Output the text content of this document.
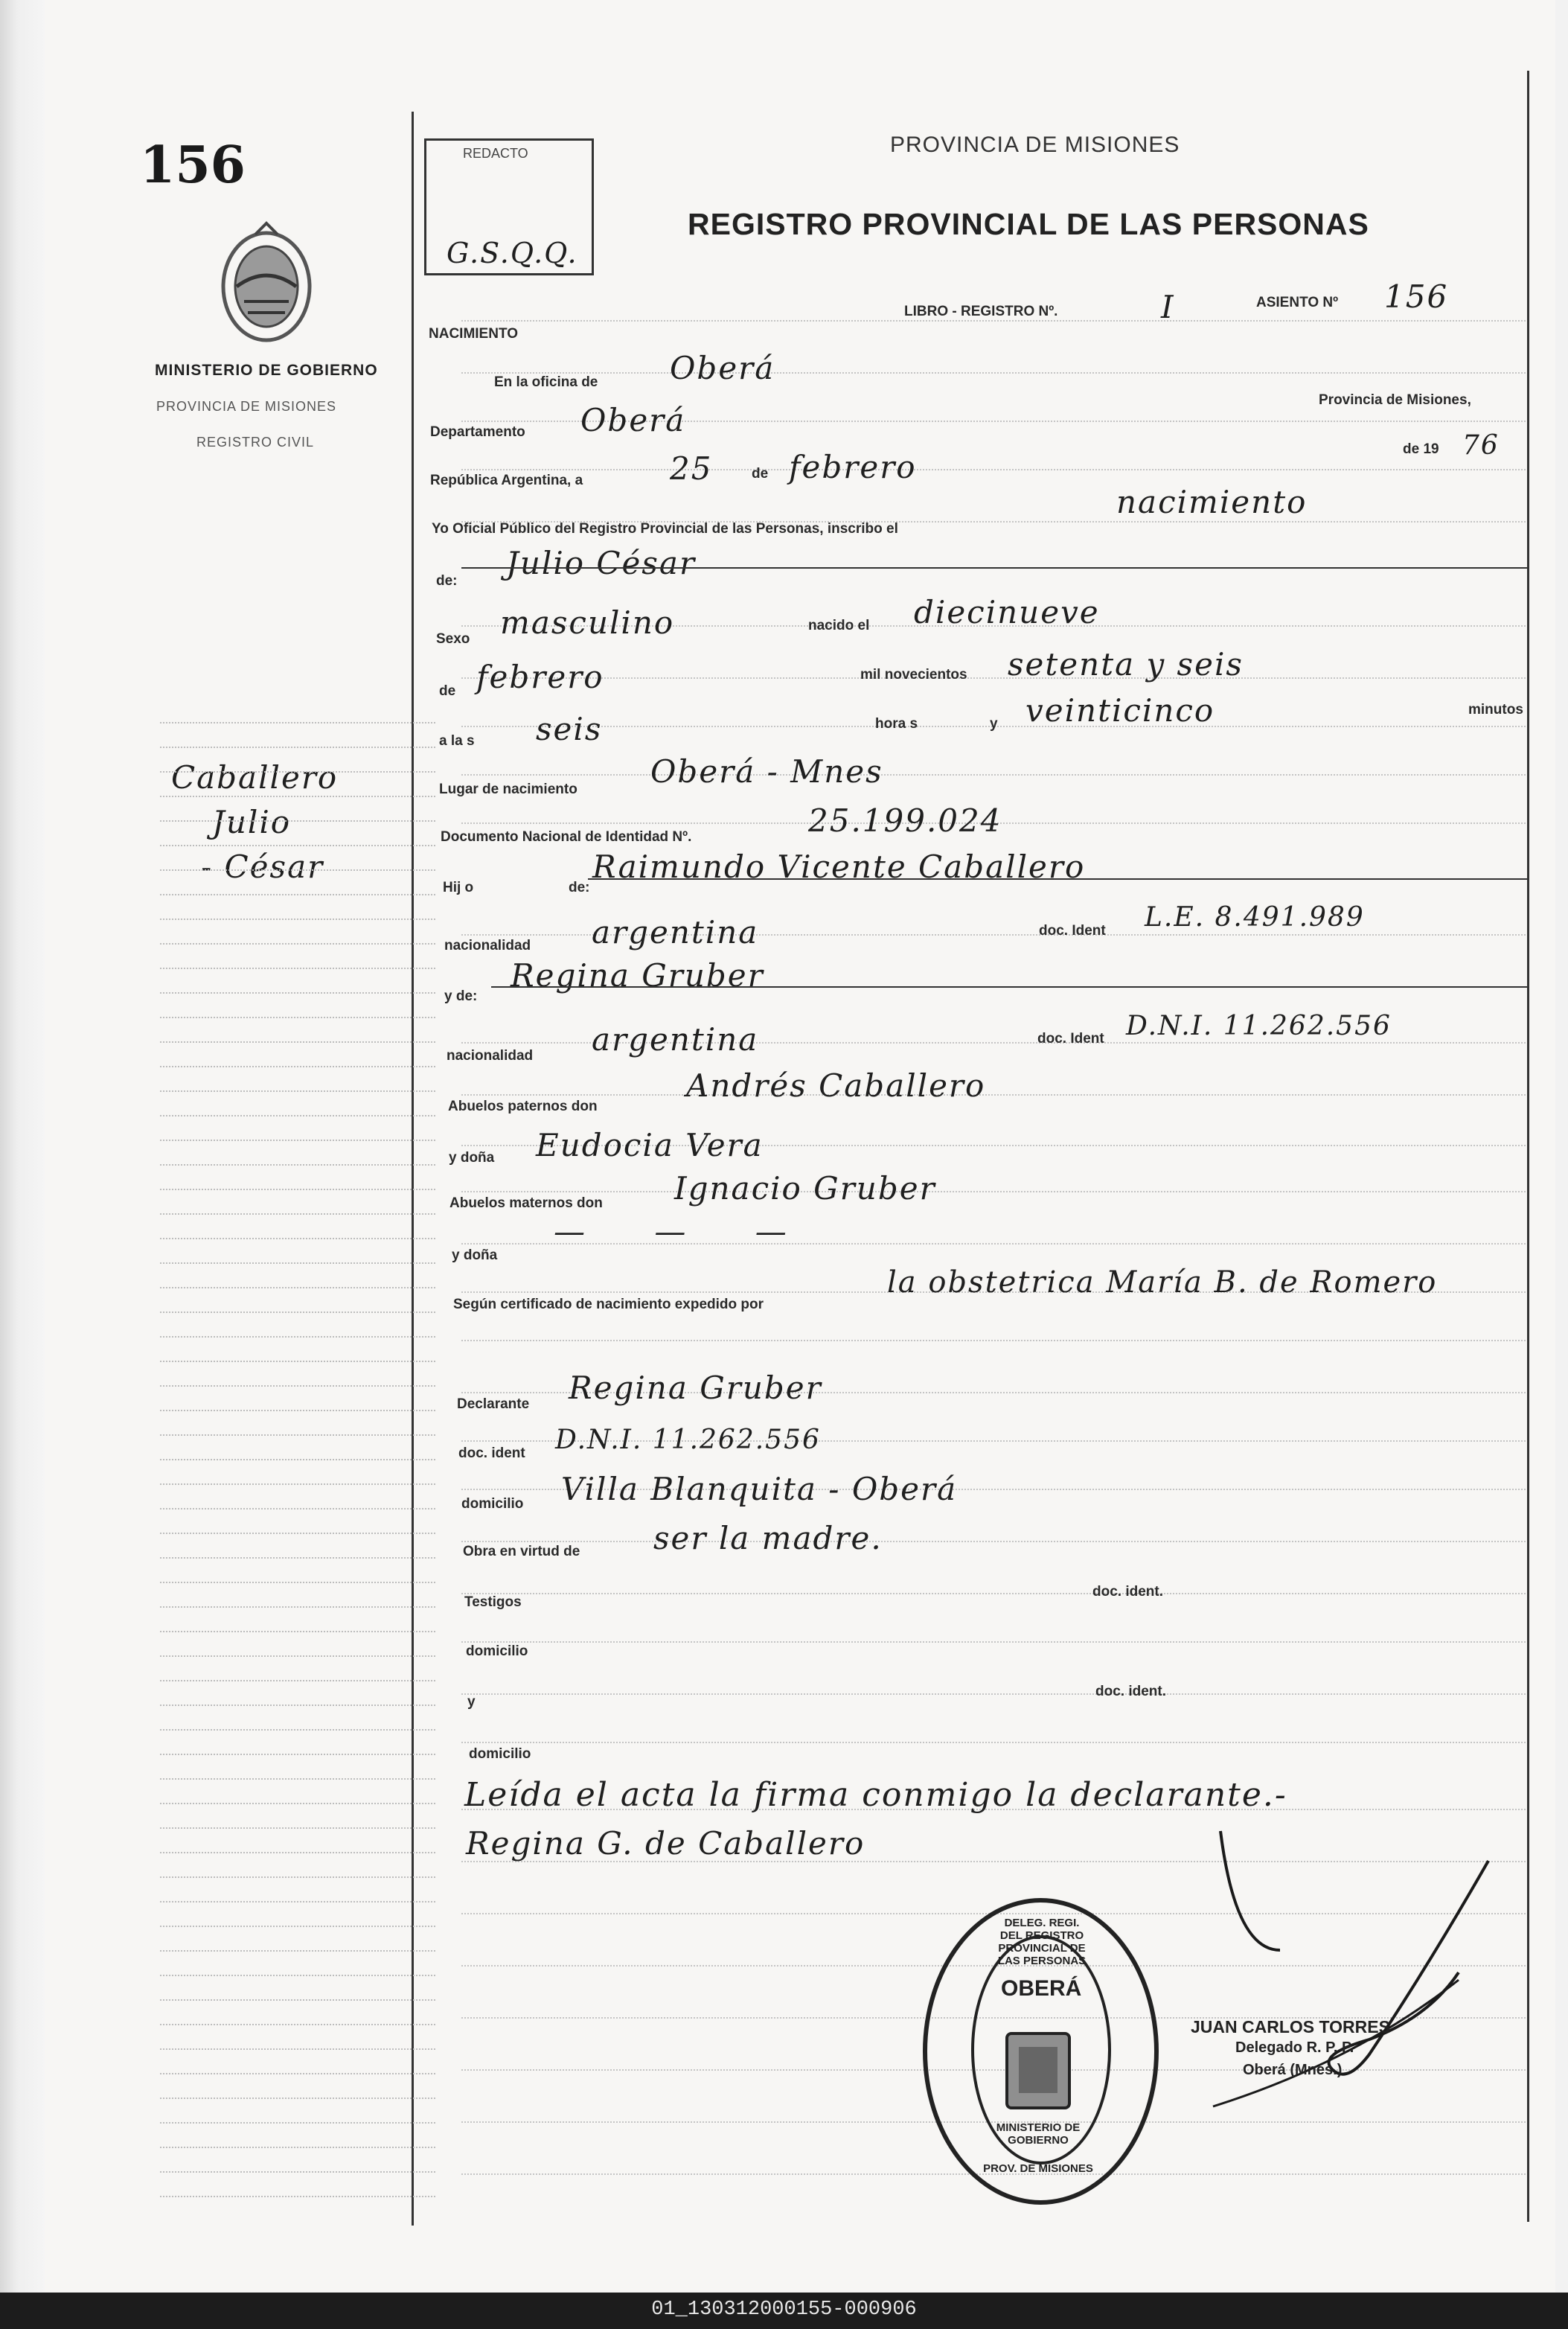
156
MINISTERIO DE GOBIERNO
PROVINCIA DE MISIONES
REGISTRO CIVIL
Caballero
Julio
- César
REDACTO
G.S.Q.Q.
PROVINCIA DE MISIONES
REGISTRO PROVINCIAL DE LAS PERSONAS
NACIMIENTO
LIBRO - REGISTRO Nº.	I	ASIENTO Nº 156
En la oficina de Oberá
Departamento Oberá
Provincia de Misiones,
República Argentina, a	25	de febrero	de 19 76
Yo Oficial Público del Registro Provincial de las Personas, inscribo el
nacimiento
de: Julio César
Sexo masculino	nacido el diecinueve
de febrero	mil novecientos setenta y seis
a la s seis	hora s	y veinticinco	minutos
Lugar de nacimiento Oberá - Mnes
Documento Nacional de Identidad Nº.	25.199.024
Hij o	de:
Raimundo Vicente Caballero
nacionalidad argentina	doc. Ident L.E. 8.491.989
y de:
Regina Gruber
nacionalidad argentina	doc. Ident D.N.I. 11.262.556
Abuelos paternos don
Andrés Caballero
y doña Eudocia Vera
Abuelos maternos don Ignacio Gruber
y doña
— — —
Según certificado de nacimiento expedido por
la obstetrica María B. de Romero
Declarante Regina Gruber
doc. ident D.N.I. 11.262.556
domicilio Villa Blanquita - Oberá
Obra en virtud de ser la madre.
Testigos
doc. ident.
domicilio
y
doc. ident.
domicilio
Leída el acta la firma conmigo la declarante.-
Regina G. de Caballero
DELEG. REGI. DEL REGISTRO PROVINCIAL DE LAS PERSONAS
OBERÁ
MINISTERIO DE GOBIERNO
PROV. DE MISIONES
JUAN CARLOS TORRES
Delegado R. P. P.
Oberá (Mnes.)
01_130312000155-000906
